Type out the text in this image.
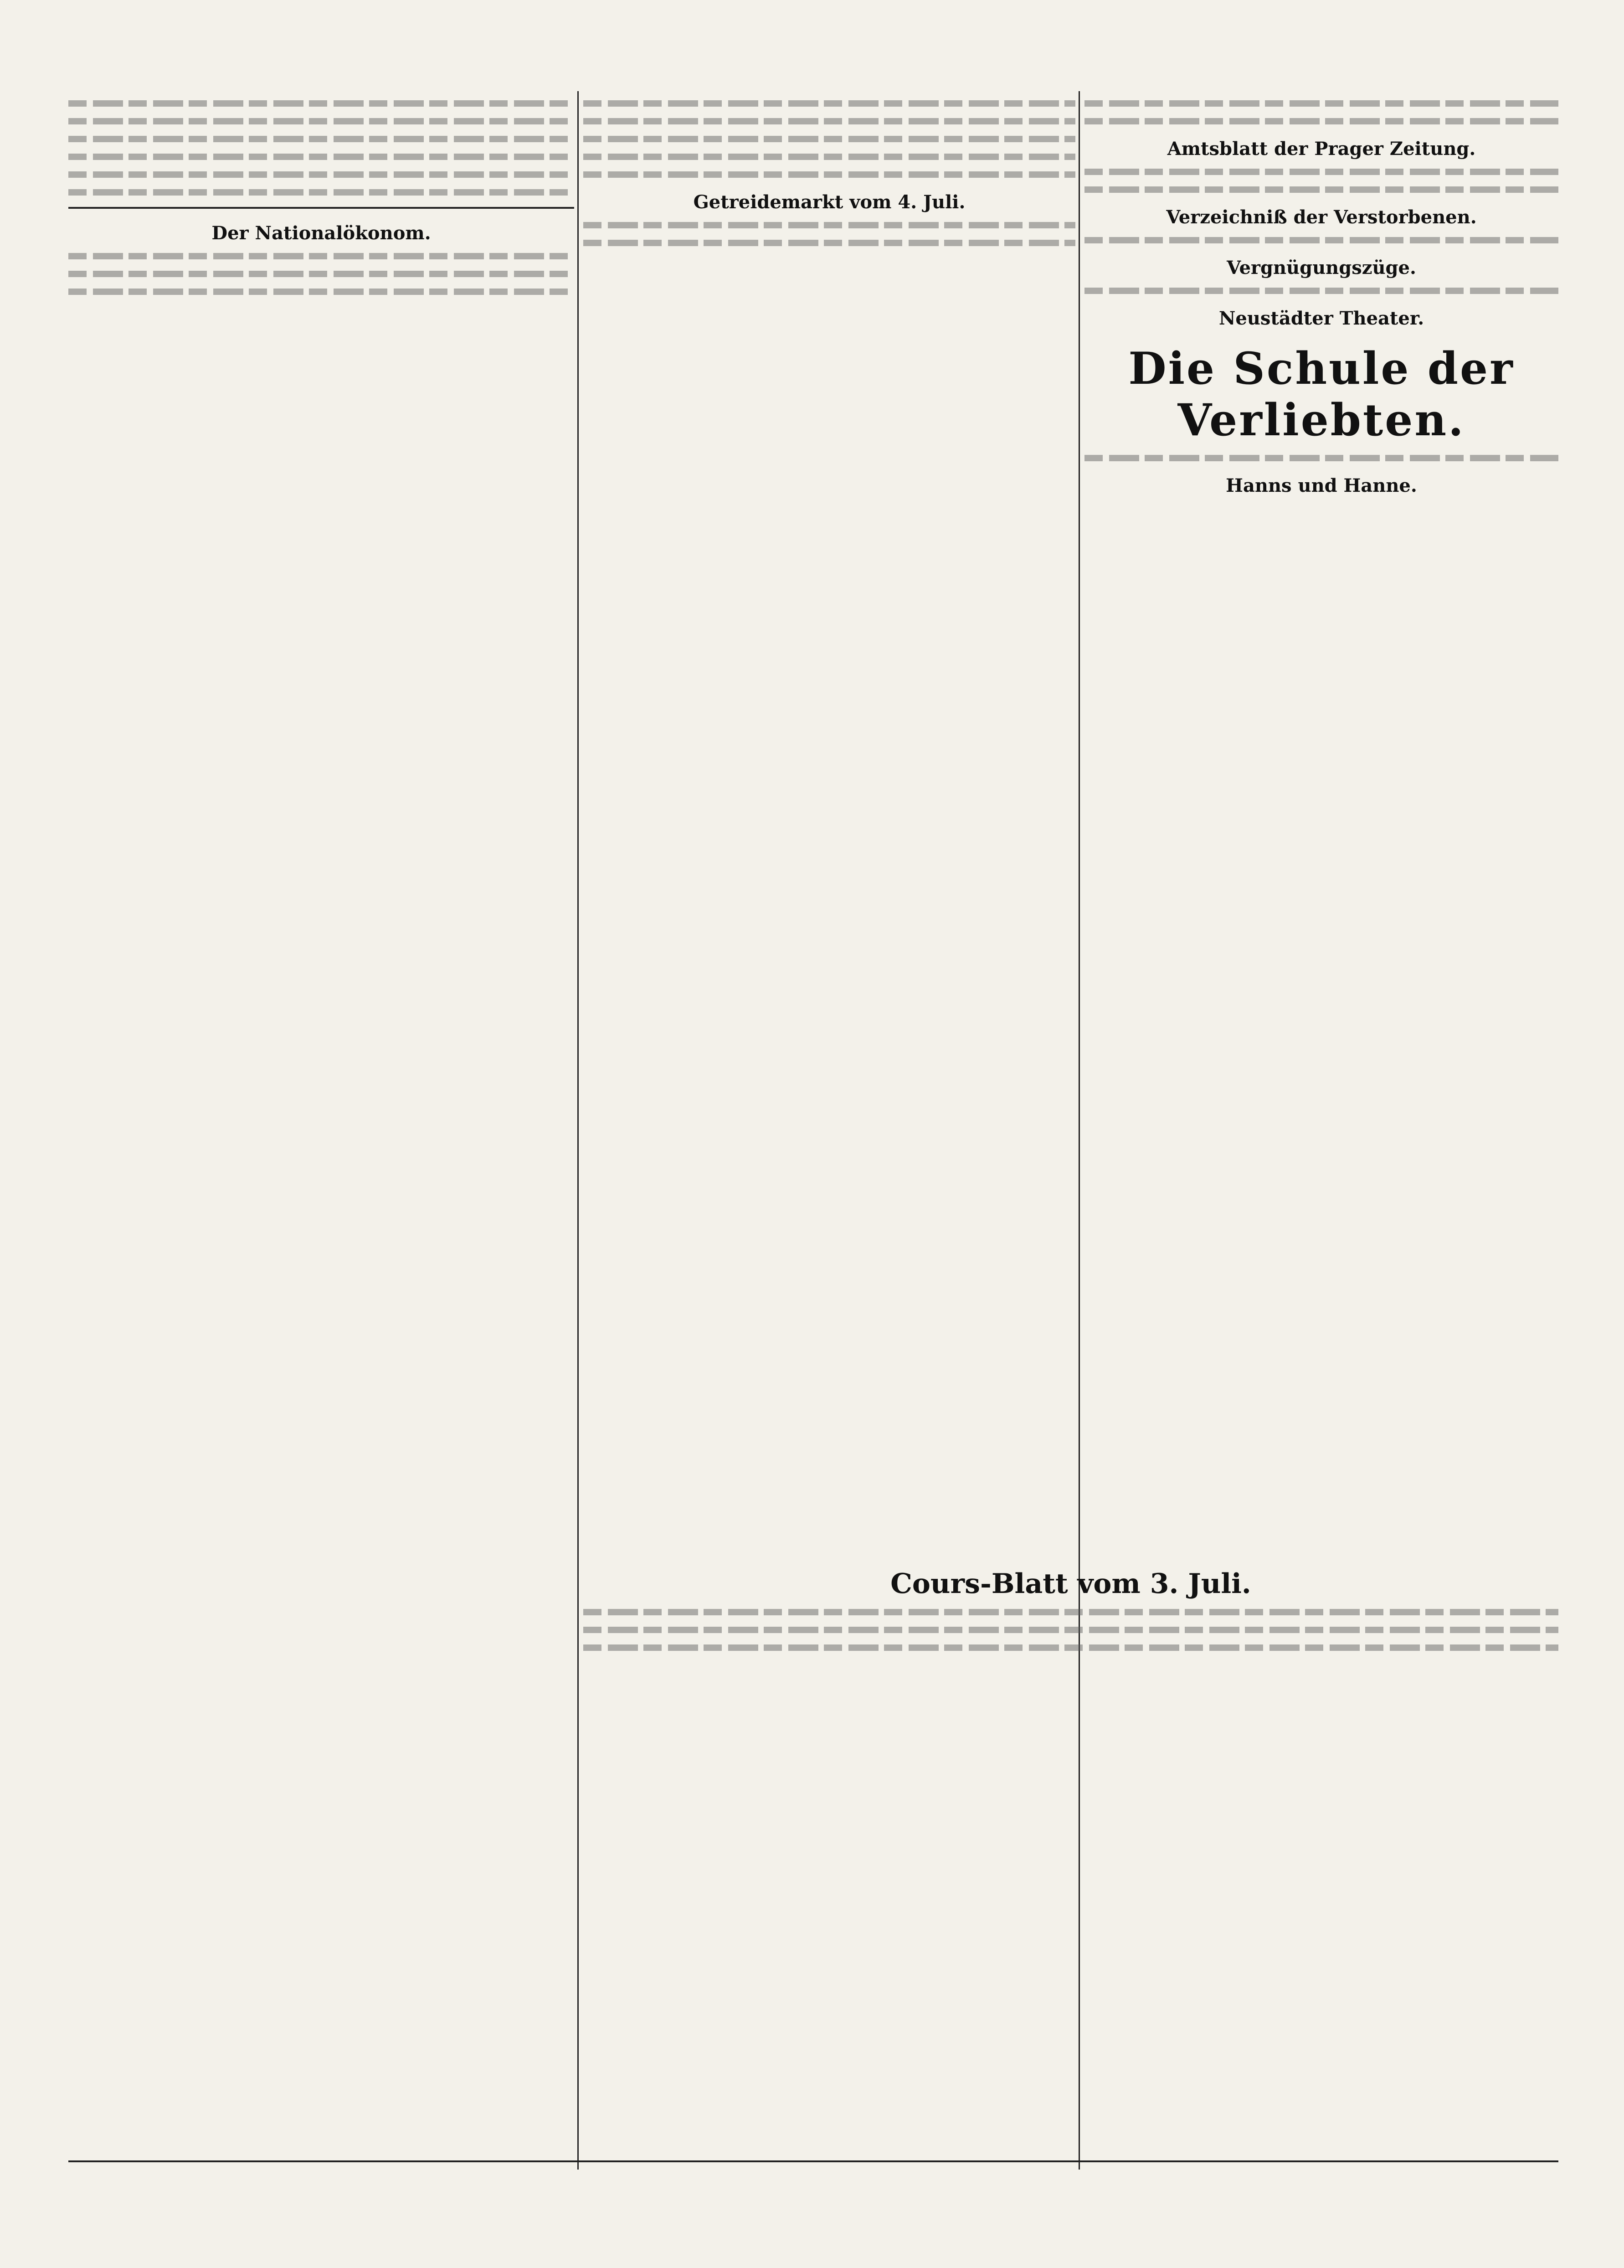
Der Nationalökonom.
Getreidemarkt vom 4. Juli.
Amtsblatt der Prager Zeitung.
Verzeichniß der Verstorbenen.
Vergnügungszüge.
Neustädter Theater.
Die Schule der Verliebten.
Hanns und Hanne.
Cours-Blatt vom 3. Juli.
